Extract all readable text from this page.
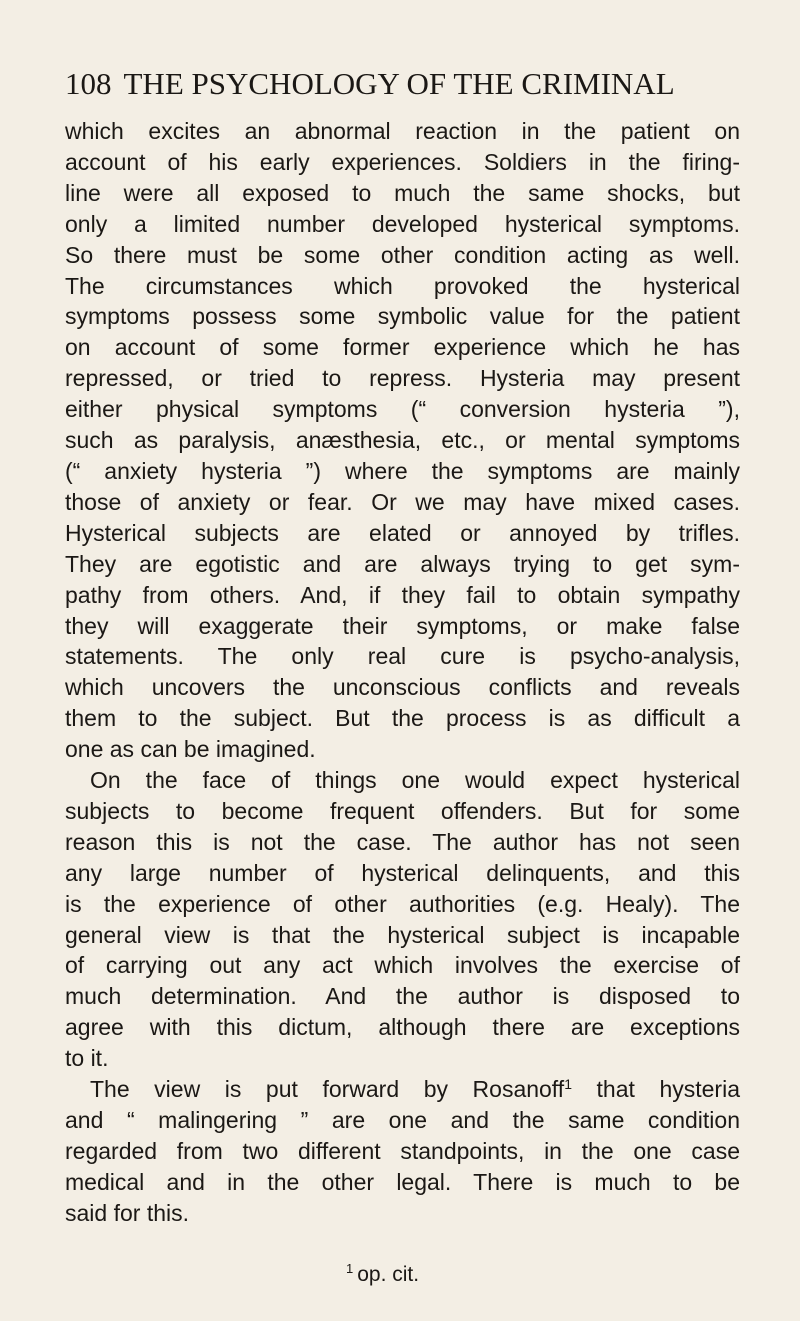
108 THE PSYCHOLOGY OF THE CRIMINAL

which excites an abnormal reaction in the patient on
account of his early experiences. Soldiers in the firing-
line were all exposed to much the same shocks, but
only a limited number developed hysterical symptoms.
So there must be some other condition acting as well.
The circumstances which provoked the hysterical
symptoms possess some symbolic value for the patient
on account of some former experience which he has
repressed, or tried to repress. Hysteria may present
either physical symptoms (“ conversion hysteria ”),
such as paralysis, anæsthesia, etc., or mental symptoms
(“ anxiety hysteria ”) where the symptoms are mainly
those of anxiety or fear. Or we may have mixed cases.
Hysterical subjects are elated or annoyed by trifles.
They are egotistic and are always trying to get sym-
pathy from others. And, if they fail to obtain sympathy
they will exaggerate their symptoms, or make false
statements. The only real cure is psycho-analysis,
which uncovers the unconscious conflicts and reveals
them to the subject. But the process is as difficult a
one as can be imagined.

On the face of things one would expect hysterical
subjects to become frequent offenders. But for some
reason this is not the case. The author has not seen
any large number of hysterical delinquents, and this
is the experience of other authorities (e.g. Healy). The
general view is that the hysterical subject is incapable
of carrying out any act which involves the exercise of
much determination. And the author is disposed to
agree with this dictum, although there are exceptions
to it.

The view is put forward by Rosanoff$^1$ that hysteria
and “ malingering ” are one and the same condition
regarded from two different standpoints, in the one case
medical and in the other legal. There is much to be
said for this.

$^1$ op. cit.
